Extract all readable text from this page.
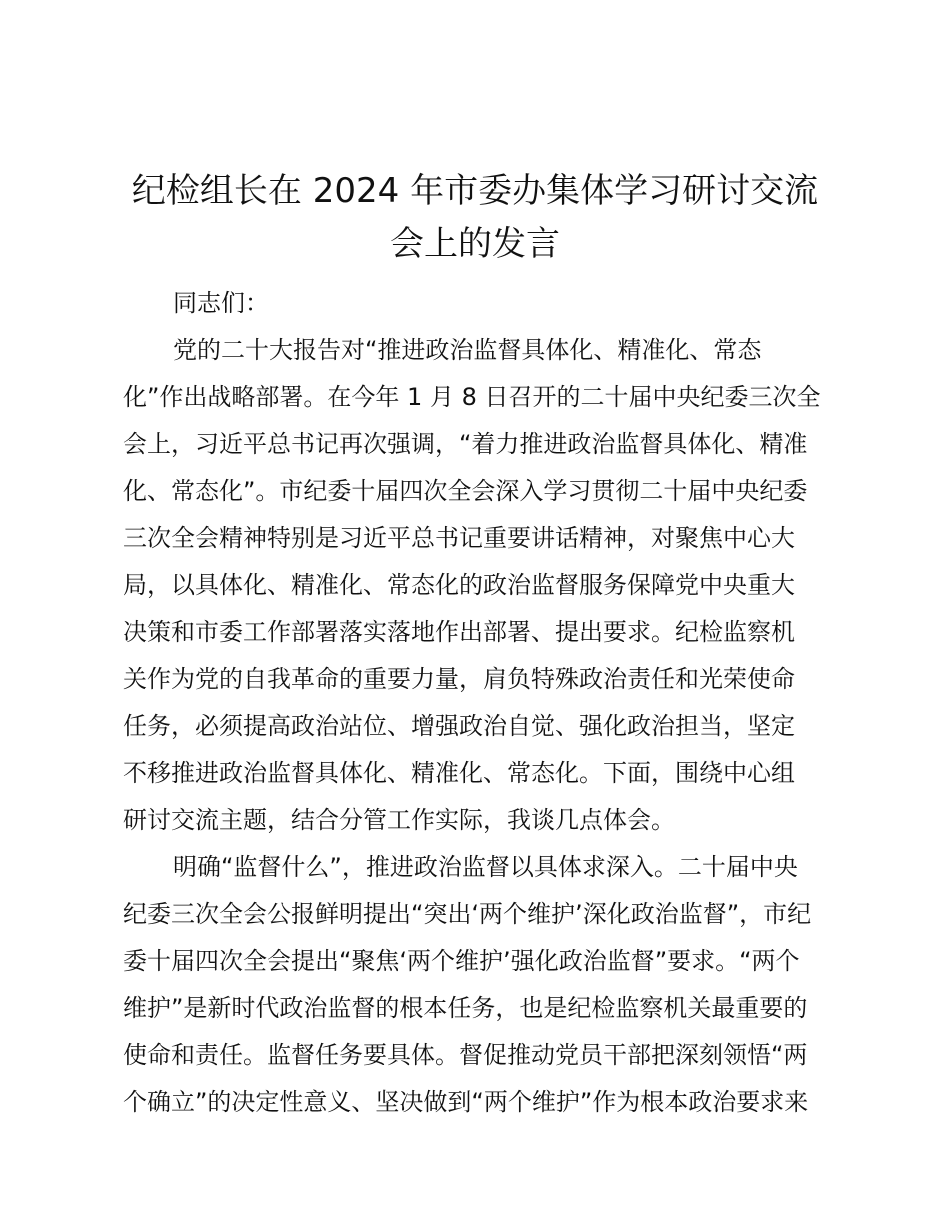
纪检组长在 2024 年市委办集体学习研讨交流
会上的发言
同志们：
党的二十大报告对“推进政治监督具体化、精准化、常态
化”作出战略部署。在今年 1 月 8 日召开的二十届中央纪委三次全
会上，习近平总书记再次强调，“着力推进政治监督具体化、精准
化、常态化”。市纪委十届四次全会深入学习贯彻二十届中央纪委
三次全会精神特别是习近平总书记重要讲话精神，对聚焦中心大
局，以具体化、精准化、常态化的政治监督服务保障党中央重大
决策和市委工作部署落实落地作出部署、提出要求。纪检监察机
关作为党的自我革命的重要力量，肩负特殊政治责任和光荣使命
任务，必须提高政治站位、增强政治自觉、强化政治担当，坚定
不移推进政治监督具体化、精准化、常态化。下面，围绕中心组
研讨交流主题，结合分管工作实际，我谈几点体会。
明确“监督什么”，推进政治监督以具体求深入。二十届中央
纪委三次全会公报鲜明提出“突出‘两个维护’深化政治监督”，市纪
委十届四次全会提出“聚焦‘两个维护’强化政治监督”要求。“两个
维护”是新时代政治监督的根本任务，也是纪检监察机关最重要的
使命和责任。监督任务要具体。督促推动党员干部把深刻领悟“两
个确立”的决定性意义、坚决做到“两个维护”作为根本政治要求来
